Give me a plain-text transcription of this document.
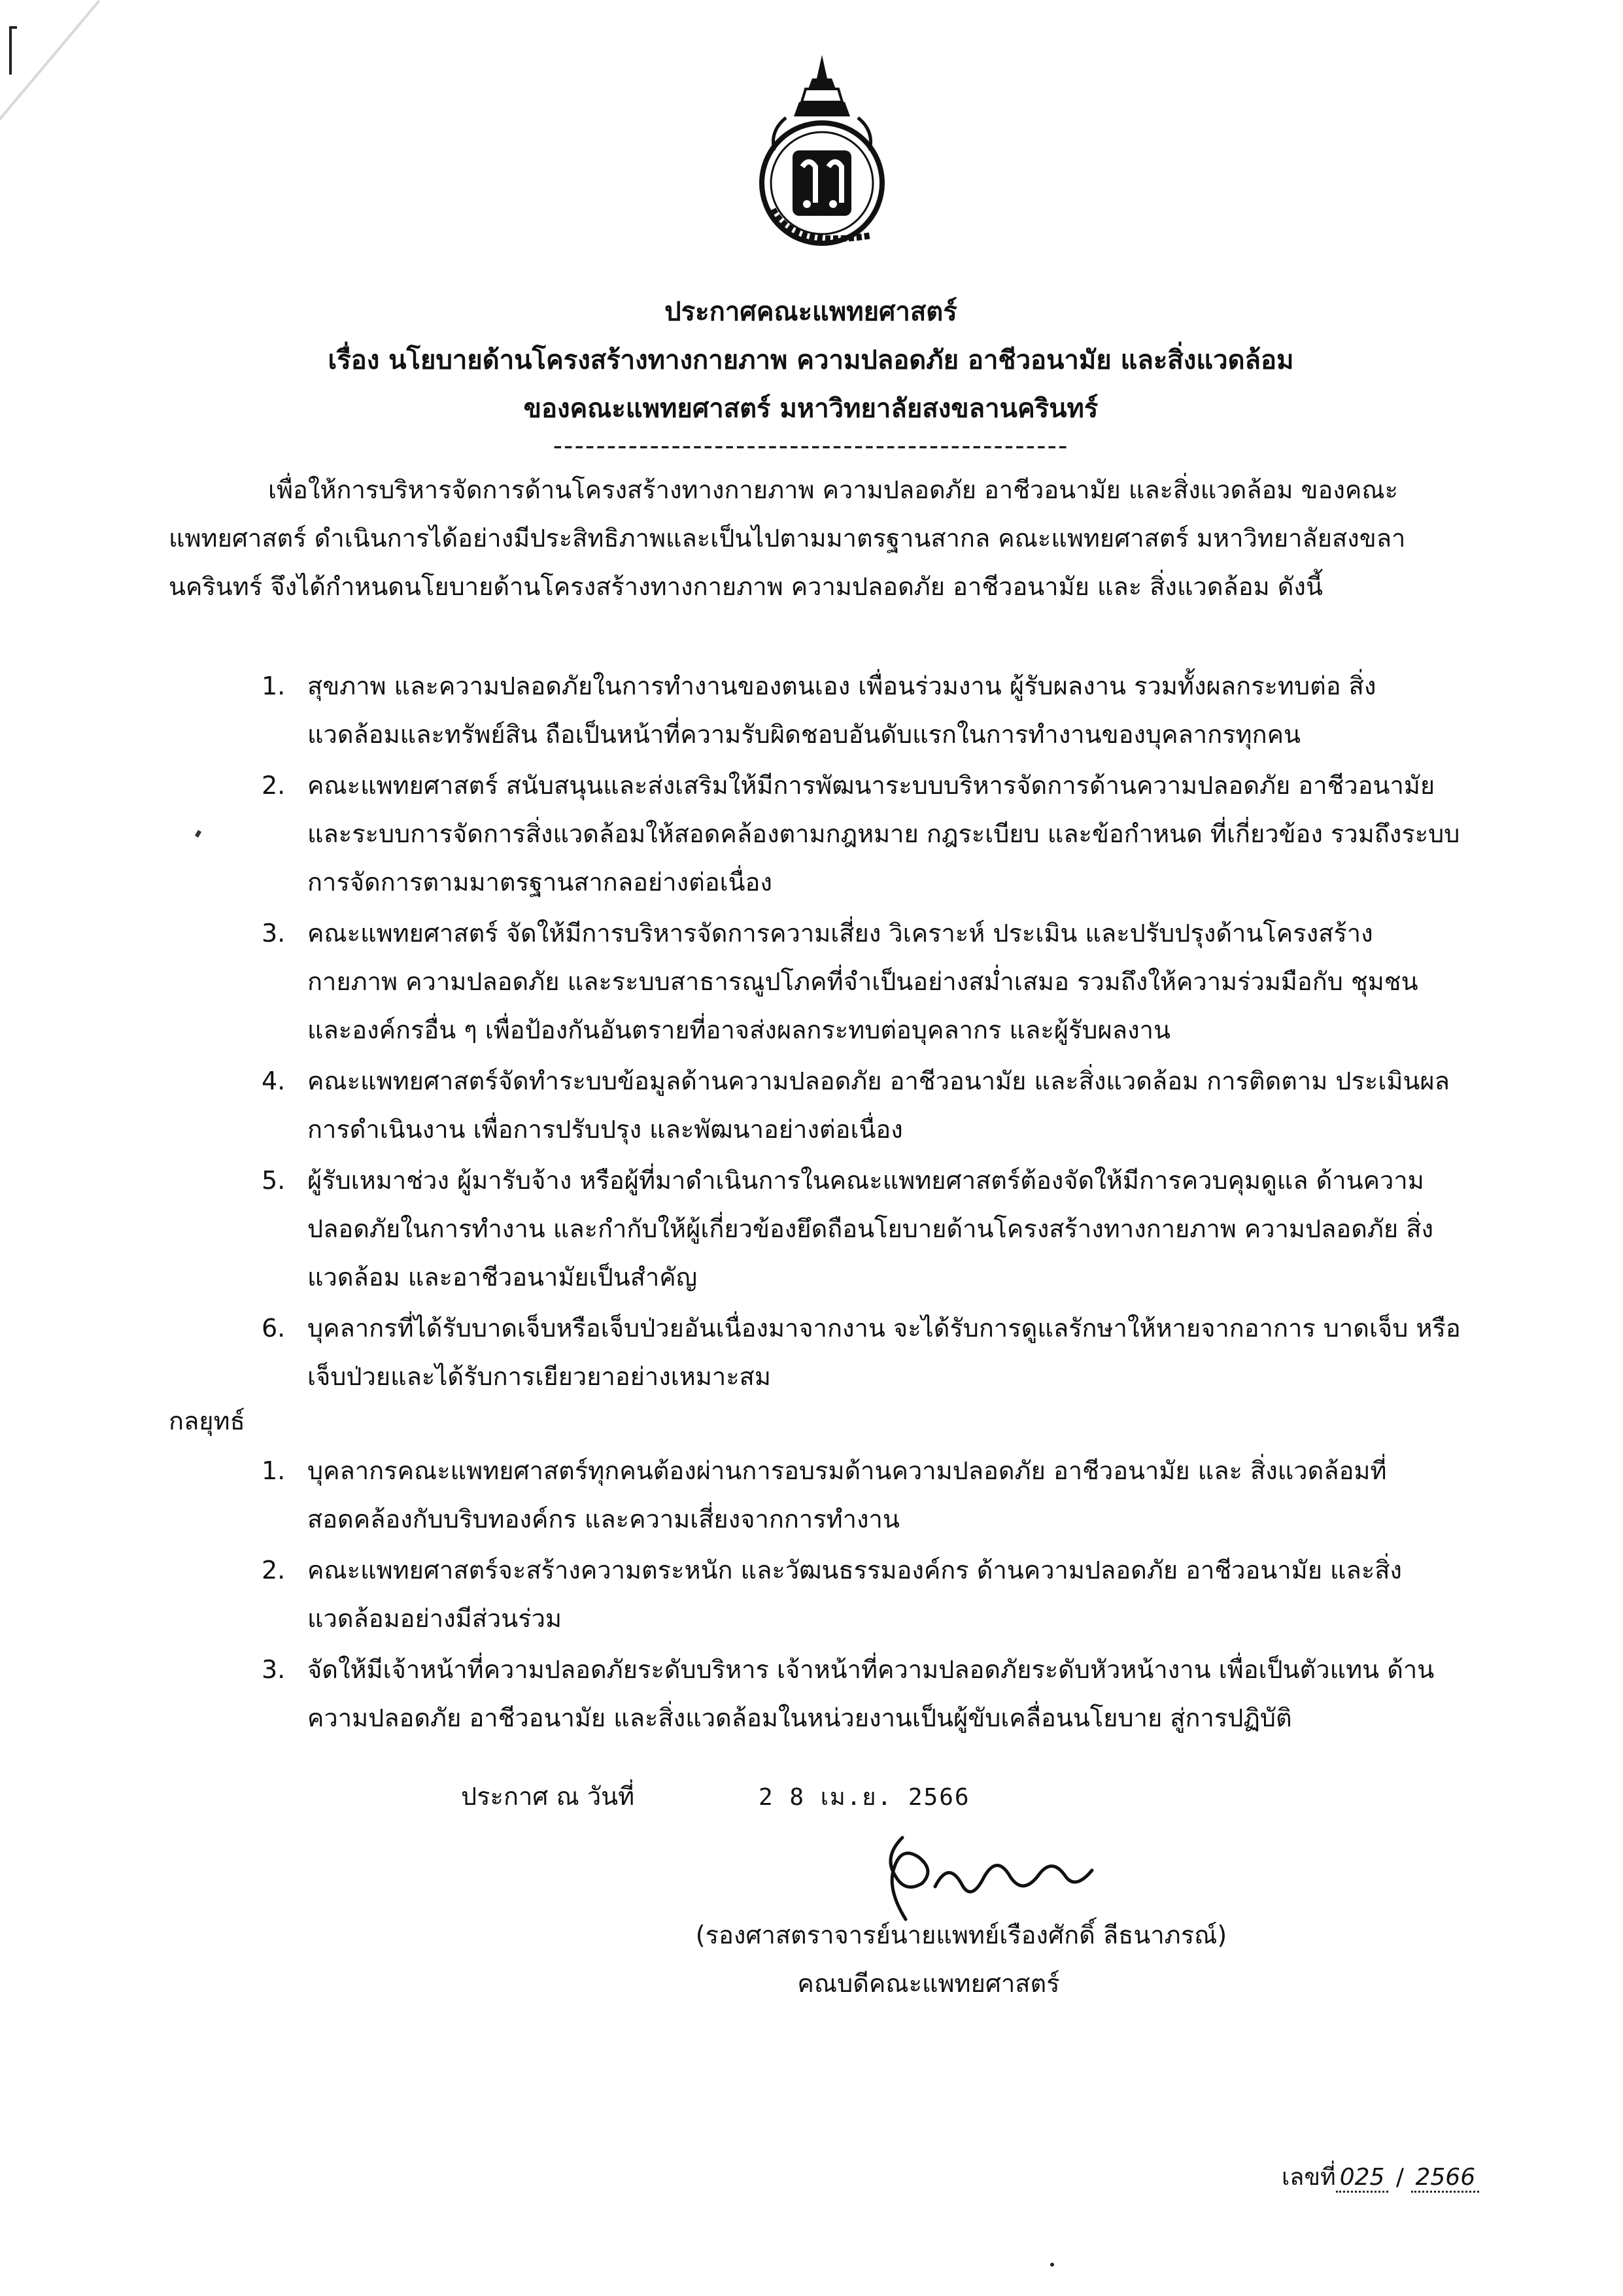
ประกาศคณะแพทยศาสตร์
เรื่อง นโยบายด้านโครงสร้างทางกายภาพ ความปลอดภัย อาชีวอนามัย และสิ่งแวดล้อม
ของคณะแพทยศาสตร์ มหาวิทยาลัยสงขลานครินทร์
------------------------------------------------
เพื่อให้การบริหารจัดการด้านโครงสร้างทางกายภาพ ความปลอดภัย อาชีวอนามัย และสิ่งแวดล้อม ของคณะแพทยศาสตร์ ดำเนินการได้อย่างมีประสิทธิภาพและเป็นไปตามมาตรฐานสากล คณะแพทยศาสตร์ มหาวิทยาลัยสงขลานครินทร์ จึงได้กำหนดนโยบายด้านโครงสร้างทางกายภาพ ความปลอดภัย อาชีวอนามัย และ สิ่งแวดล้อม ดังนี้
1. สุขภาพ และความปลอดภัยในการทำงานของตนเอง เพื่อนร่วมงาน ผู้รับผลงาน รวมทั้งผลกระทบต่อ สิ่งแวดล้อมและทรัพย์สิน ถือเป็นหน้าที่ความรับผิดชอบอันดับแรกในการทำงานของบุคลากรทุกคน
2. คณะแพทยศาสตร์ สนับสนุนและส่งเสริมให้มีการพัฒนาระบบบริหารจัดการด้านความปลอดภัย อาชีวอนามัย และระบบการจัดการสิ่งแวดล้อมให้สอดคล้องตามกฎหมาย กฎระเบียบ และข้อกำหนด ที่เกี่ยวข้อง รวมถึงระบบการจัดการตามมาตรฐานสากลอย่างต่อเนื่อง
3. คณะแพทยศาสตร์ จัดให้มีการบริหารจัดการความเสี่ยง วิเคราะห์ ประเมิน และปรับปรุงด้านโครงสร้าง กายภาพ ความปลอดภัย และระบบสาธารณูปโภคที่จำเป็นอย่างสม่ำเสมอ รวมถึงให้ความร่วมมือกับ ชุมชน และองค์กรอื่น ๆ เพื่อป้องกันอันตรายที่อาจส่งผลกระทบต่อบุคลากร และผู้รับผลงาน
4. คณะแพทยศาสตร์จัดทำระบบข้อมูลด้านความปลอดภัย อาชีวอนามัย และสิ่งแวดล้อม การติดตาม ประเมินผลการดำเนินงาน เพื่อการปรับปรุง และพัฒนาอย่างต่อเนื่อง
5. ผู้รับเหมาช่วง ผู้มารับจ้าง หรือผู้ที่มาดำเนินการในคณะแพทยศาสตร์ต้องจัดให้มีการควบคุมดูแล ด้านความปลอดภัยในการทำงาน และกำกับให้ผู้เกี่ยวข้องยึดถือนโยบายด้านโครงสร้างทางกายภาพ ความปลอดภัย สิ่งแวดล้อม และอาชีวอนามัยเป็นสำคัญ
6. บุคลากรที่ได้รับบาดเจ็บหรือเจ็บป่วยอันเนื่องมาจากงาน จะได้รับการดูแลรักษาให้หายจากอาการ บาดเจ็บ หรือเจ็บป่วยและได้รับการเยียวยาอย่างเหมาะสม
กลยุทธ์
1. บุคลากรคณะแพทยศาสตร์ทุกคนต้องผ่านการอบรมด้านความปลอดภัย อาชีวอนามัย และ สิ่งแวดล้อมที่สอดคล้องกับบริบทองค์กร และความเสี่ยงจากการทำงาน
2. คณะแพทยศาสตร์จะสร้างความตระหนัก และวัฒนธรรมองค์กร ด้านความปลอดภัย อาชีวอนามัย และสิ่งแวดล้อมอย่างมีส่วนร่วม
3. จัดให้มีเจ้าหน้าที่ความปลอดภัยระดับบริหาร เจ้าหน้าที่ความปลอดภัยระดับหัวหน้างาน เพื่อเป็นตัวแทน ด้านความปลอดภัย อาชีวอนามัย และสิ่งแวดล้อมในหน่วยงานเป็นผู้ขับเคลื่อนนโยบาย สู่การปฏิบัติ
ประกาศ ณ วันที่	2 8 เม.ย. 2566
(รองศาสตราจารย์นายแพทย์เรืองศักดิ์ ลีธนาภรณ์)
คณบดีคณะแพทยศาสตร์
เลขที่ 025 / 2566
